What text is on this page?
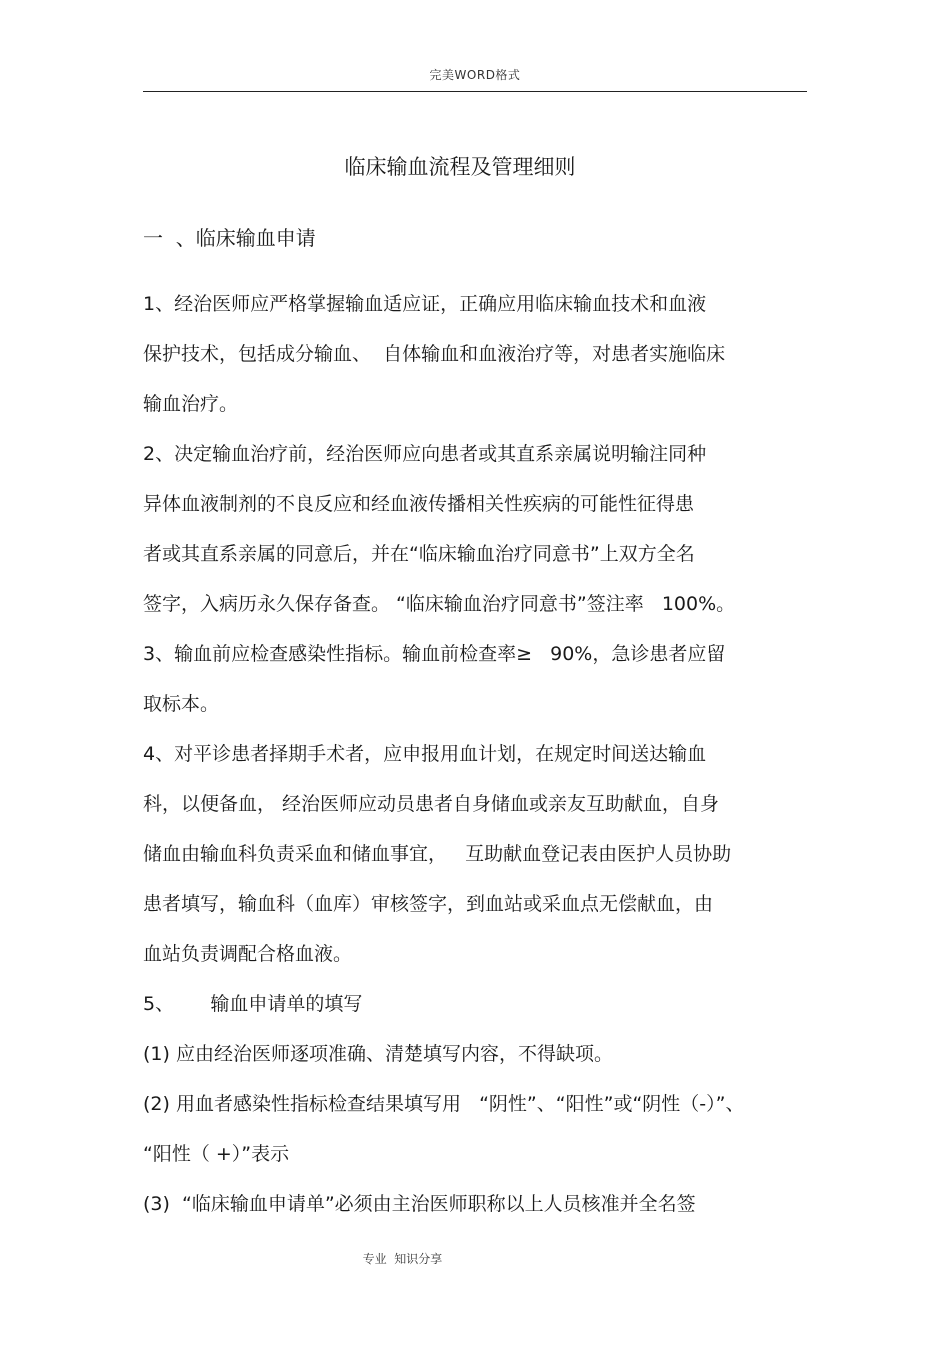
完美WORD格式
临床输血流程及管理细则
一  、临床输血申请
1、经治医师应严格掌握输血适应证，正确应用临床输血技术和血液
保护技术，包括成分输血、  自体输血和血液治疗等，对患者实施临床
输血治疗。
2、决定输血治疗前，经治医师应向患者或其直系亲属说明输注同种
异体血液制剂的不良反应和经血液传播相关性疾病的可能性征得患
者或其直系亲属的同意后，并在“临床输血治疗同意书”上双方全名
签字，入病历永久保存备查。 “临床输血治疗同意书”签注率   100%。
3、输血前应检查感染性指标。输血前检查率≥   90%，急诊患者应留
取标本。
4、对平诊患者择期手术者，应申报用血计划，在规定时间送达输血
科，以便备血， 经治医师应动员患者自身储血或亲友互助献血，自身
储血由输血科负责采血和储血事宜，   互助献血登记表由医护人员协助
患者填写，输血科（血库）审核签字，到血站或采血点无偿献血，由
血站负责调配合格血液。
5、      输血申请单的填写
(1) 应由经治医师逐项准确、清楚填写内容，不得缺项。
(2) 用血者感染性指标检查结果填写用   “阴性”、“阳性”或“阴性（-）”、
“阳性（ +）”表示
(3)  “临床输血申请单”必须由主治医师职称以上人员核准并全名签
专业  知识分享
